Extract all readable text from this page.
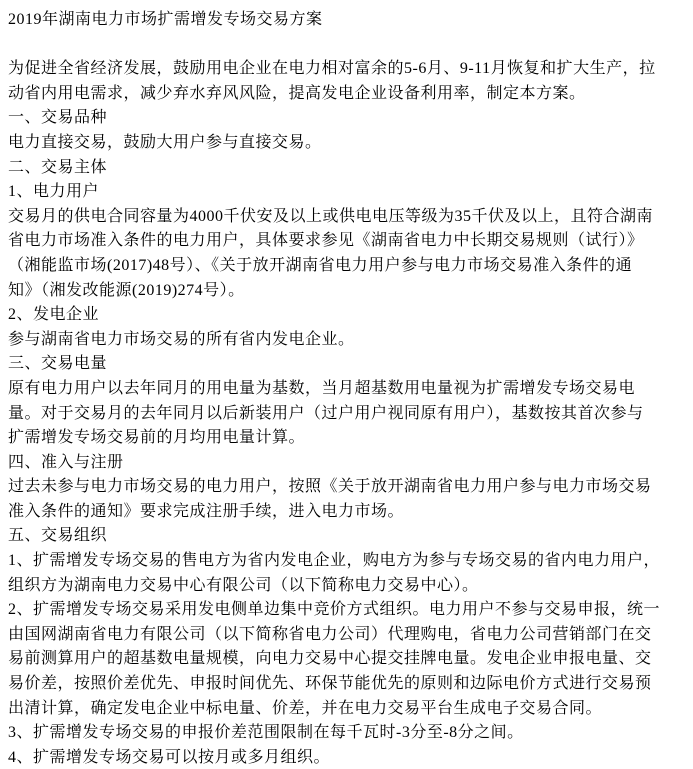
2019年湖南电力市场扩需增发专场交易方案
为促进全省经济发展，鼓励用电企业在电力相对富余的5-6月、9-11月恢复和扩大生产，拉
动省内用电需求，减少弃水弃风风险，提高发电企业设备利用率，制定本方案。
一、交易品种
电力直接交易，鼓励大用户参与直接交易。
二、交易主体
1、电力用户
交易月的供电合同容量为4000千伏安及以上或供电电压等级为35千伏及以上，且符合湖南
省电力市场准入条件的电力用户，具体要求参见《湖南省电力中长期交易规则（试行）》
（湘能监市场(2017)48号）、《关于放开湖南省电力用户参与电力市场交易准入条件的通
知》（湘发改能源(2019)274号）。
2、发电企业
参与湖南省电力市场交易的所有省内发电企业。
三、交易电量
原有电力用户以去年同月的用电量为基数，当月超基数用电量视为扩需增发专场交易电
量。对于交易月的去年同月以后新装用户（过户用户视同原有用户），基数按其首次参与
扩需增发专场交易前的月均用电量计算。
四、准入与注册
过去未参与电力市场交易的电力用户，按照《关于放开湖南省电力用户参与电力市场交易
准入条件的通知》要求完成注册手续，进入电力市场。
五、交易组织
1、扩需增发专场交易的售电方为省内发电企业，购电方为参与专场交易的省内电力用户，
组织方为湖南电力交易中心有限公司（以下简称电力交易中心）。
2、扩需增发专场交易采用发电侧单边集中竞价方式组织。电力用户不参与交易申报，统一
由国网湖南省电力有限公司（以下简称省电力公司）代理购电，省电力公司营销部门在交
易前测算用户的超基数电量规模，向电力交易中心提交挂牌电量。发电企业申报电量、交
易价差，按照价差优先、申报时间优先、环保节能优先的原则和边际电价方式进行交易预
出清计算，确定发电企业中标电量、价差，并在电力交易平台生成电子交易合同。
3、扩需增发专场交易的申报价差范围限制在每千瓦时-3分至-8分之间。
4、扩需增发专场交易可以按月或多月组织。
